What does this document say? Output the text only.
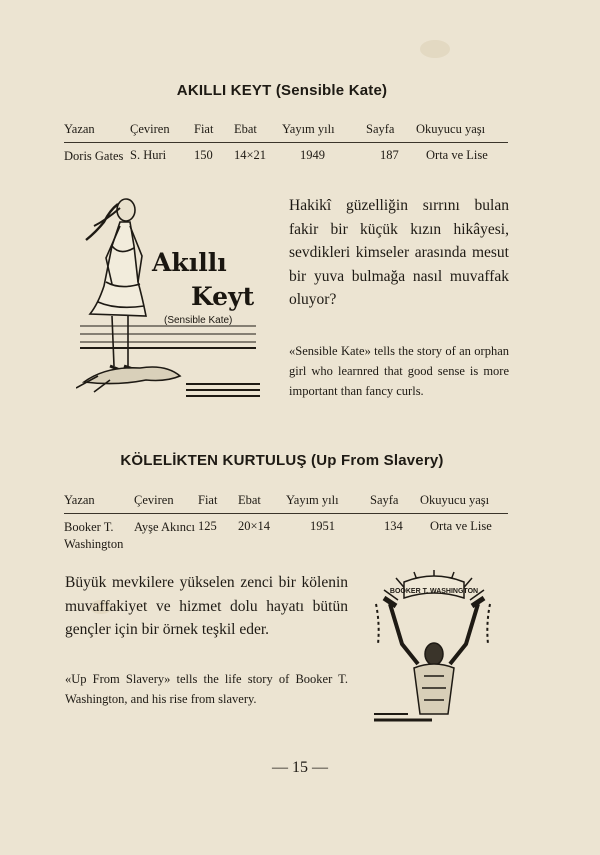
AKILLI KEYT (Sensible Kate)
Yazan	Çeviren	Fiat	Ebat	Yayım yılı	Sayfa	Okuyucu yaşı
Doris Gates	S. Huri	150	14×21	1949	187	Orta ve Lise
Akıllı
Keyt
(Sensible Kate)
Hakikî güzelliğin sırrını bulan fakir bir küçük kızın hikâyesi, sevdikleri kimseler arasında mesut bir yuva bulmağa nasıl muvaffak oluyor?
«Sensible Kate» tells the story of an orphan girl who learnred that good sense is more important than fancy curls.
KÖLELİKTEN KURTULUŞ (Up From Slavery)
Yazan	Çeviren	Fiat	Ebat	Yayım yılı	Sayfa	Okuyucu yaşı
Booker T. Washington	Ayşe Akıncı	125	20×14	1951	134	Orta ve Lise
Büyük mevkilere yükselen zenci bir kölenin muvaffakiyet ve hizmet dolu hayatı bütün gençler için bir örnek teşkil eder.
«Up From Slavery» tells the life story of Booker T. Washington, and his rise from slavery.
BOOKER T. WASHINGTON
— 15 —
